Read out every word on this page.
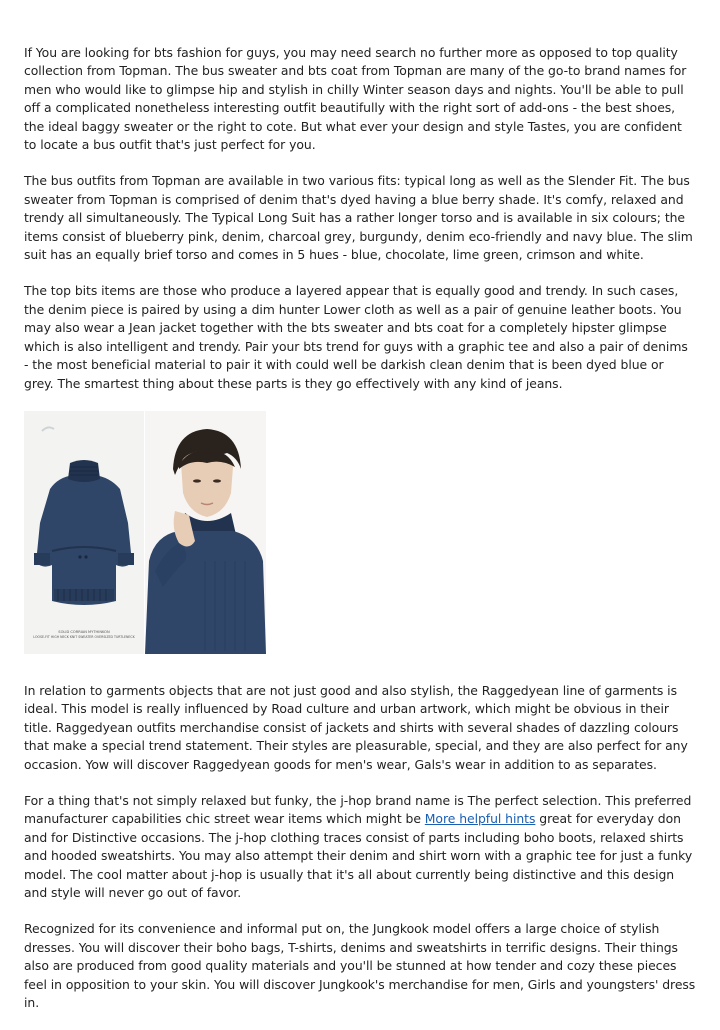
If You are looking for bts fashion for guys, you may need search no further more as opposed to top quality collection from Topman. The bus sweater and bts coat from Topman are many of the go-to brand names for men who would like to glimpse hip and stylish in chilly Winter season days and nights. You'll be able to pull off a complicated nonetheless interesting outfit beautifully with the right sort of add-ons - the best shoes, the ideal baggy sweater or the right to cote. But what ever your design and style Tastes, you are confident to locate a bus outfit that's just perfect for you.

The bus outfits from Topman are available in two various fits: typical long as well as the Slender Fit. The bus sweater from Topman is comprised of denim that's dyed having a blue berry shade. It's comfy, relaxed and trendy all simultaneously. The Typical Long Suit has a rather longer torso and is available in six colours; the items consist of blueberry pink, denim, charcoal grey, burgundy, denim eco-friendly and navy blue. The slim suit has an equally brief torso and comes in 5 hues - blue, chocolate, lime green, crimson and white.

The top bits items are those who produce a layered appear that is equally good and trendy. In such cases, the denim piece is paired by using a dim hunter Lower cloth as well as a pair of genuine leather boots. You may also wear a Jean jacket together with the bts sweater and bts coat for a completely hipster glimpse which is also intelligent and trendy. Pair your bts trend for guys with a graphic tee and also a pair of denims - the most beneficial material to pair it with could well be darkish clean denim that is been dyed blue or grey. The smartest thing about these parts is they go effectively with any kind of jeans.

SOLID CORRIAN MYTHINKON
LOOSE-FIT HIGH NECK KNIT SWEATER OVERSIZED TURTLENECK

In relation to garments objects that are not just good and also stylish, the Raggedyean line of garments is ideal. This model is really influenced by Road culture and urban artwork, which might be obvious in their title. Raggedyean outfits merchandise consist of jackets and shirts with several shades of dazzling colours that make a special trend statement. Their styles are pleasurable, special, and they are also perfect for any occasion. Yow will discover Raggedyean goods for men's wear, Gals's wear in addition to as separates.

For a thing that's not simply relaxed but funky, the j-hop brand name is The perfect selection. This preferred manufacturer capabilities chic street wear items which might be More helpful hints great for everyday don and for Distinctive occasions. The j-hop clothing traces consist of parts including boho boots, relaxed shirts and hooded sweatshirts. You may also attempt their denim and shirt worn with a graphic tee for just a funky model. The cool matter about j-hop is usually that it's all about currently being distinctive and this design and style will never go out of favor.

Recognized for its convenience and informal put on, the Jungkook model offers a large choice of stylish dresses. You will discover their boho bags, T-shirts, denims and sweatshirts in terrific designs. Their things also are produced from good quality materials and you'll be stunned at how tender and cozy these pieces feel in opposition to your skin. You will discover Jungkook's merchandise for men, Girls and youngsters' dress in.
